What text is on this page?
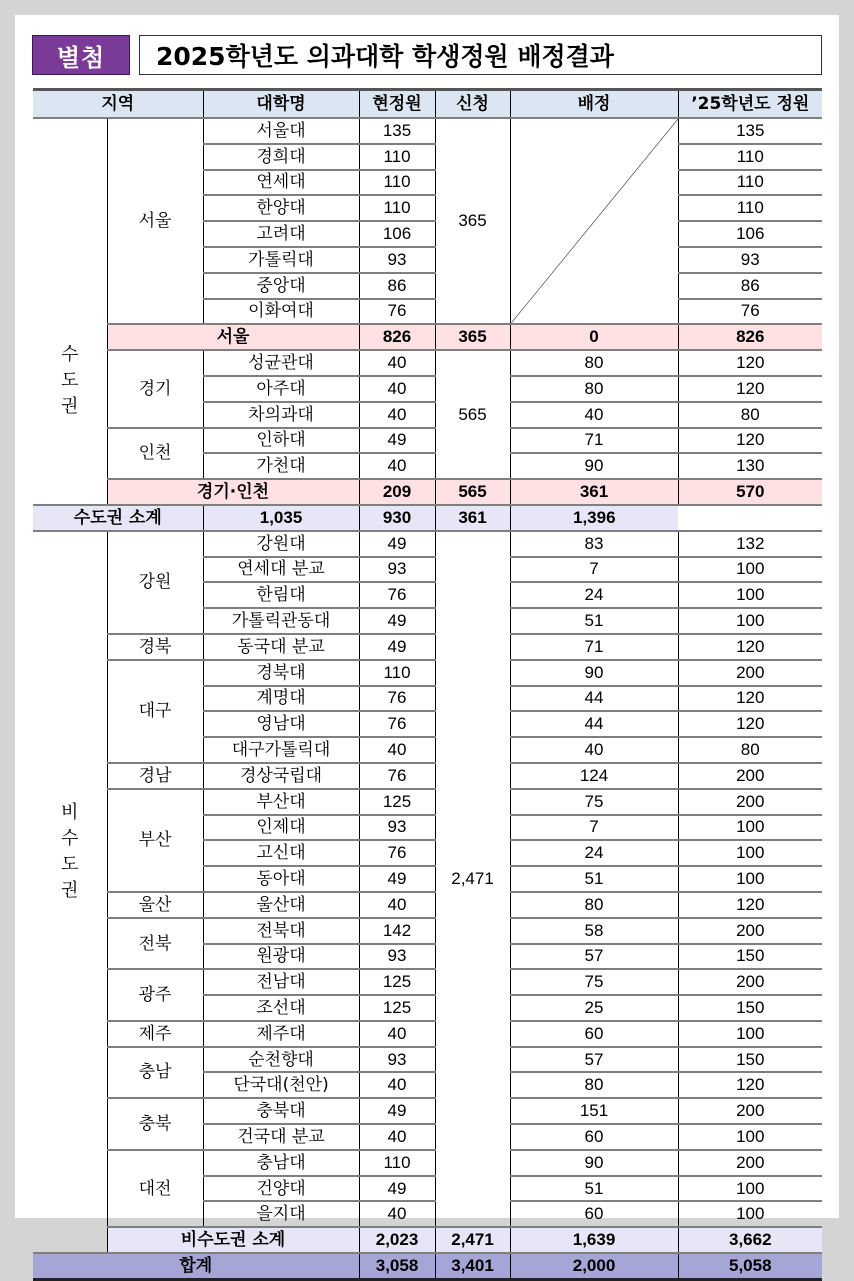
별첨	2025학년도 의과대학 학생정원 배정결과
지역		대학명	현정원	신청	배정	’25학년도 정원
수
도
권	서울	서울대	135	365		135
		경희대	110			110
		연세대	110			110
		한양대	110			110
		고려대	106			106
		가톨릭대	93			93
		중앙대	86			86
		이화여대	76			76
	서울		826	365	0	826
	경기	성균관대	40	565	80	120
		아주대	40		80	120
		차의과대	40		40	80
	인천	인하대	49		71	120
		가천대	40		90	130
	경기·인천		209	565	361	570
수도권 소계		1,035	930	361	1,396	
비
수
도
권	강원	강원대	49	2,471	83	132
		연세대 분교	93		7	100
		한림대	76		24	100
		가톨릭관동대	49		51	100
	경북	동국대 분교	49		71	120
	대구	경북대	110		90	200
		계명대	76		44	120
		영남대	76		44	120
		대구가톨릭대	40		40	80
	경남	경상국립대	76		124	200
	부산	부산대	125		75	200
		인제대	93		7	100
		고신대	76		24	100
		동아대	49		51	100
	울산	울산대	40		80	120
	전북	전북대	142		58	200
		원광대	93		57	150
	광주	전남대	125		75	200
		조선대	125		25	150
	제주	제주대	40		60	100
	충남	순천향대	93		57	150
		단국대(천안)	40		80	120
	충북	충북대	49		151	200
		건국대 분교	40		60	100
	대전	충남대	110		90	200
		건양대	49		51	100
		을지대	40		60	100
	비수도권 소계		2,023	2,471	1,639	3,662
합계			3,058	3,401	2,000	5,058
